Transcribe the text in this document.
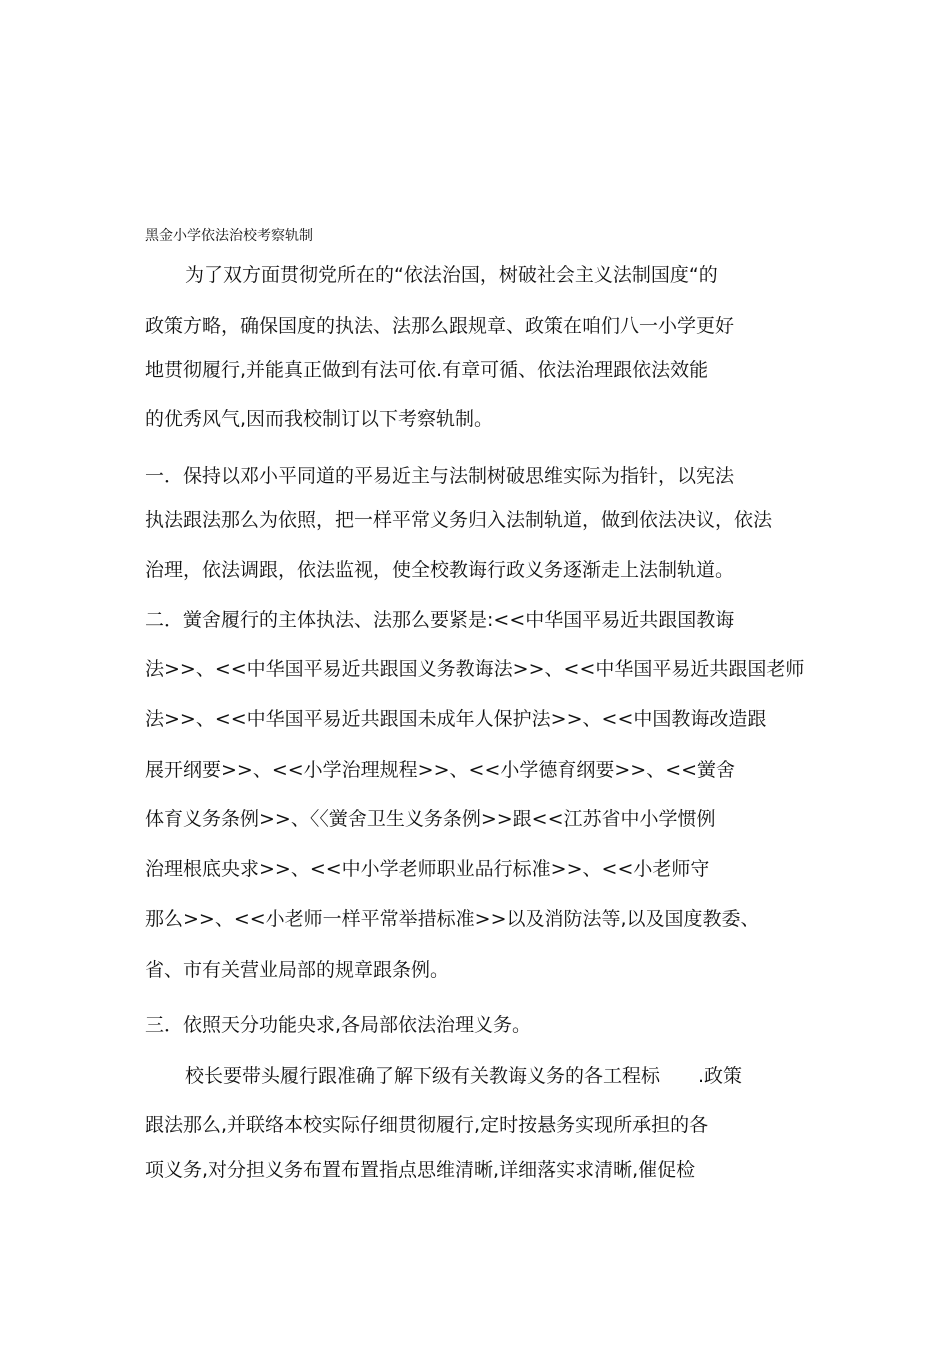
黑金小学依法治校考察轨制
为了双方面贯彻党所在的“依法治国，树破社会主义法制国度“的
政策方略，确保国度的执法、法那么跟规章、政策在咱们八一小学更好
地贯彻履行,并能真正做到有法可依.有章可循、依法治理跟依法效能
的优秀风气,因而我校制订以下考察轨制。
一．保持以邓小平同道的平易近主与法制树破思维实际为指针，以宪法
执法跟法那么为依照，把一样平常义务归入法制轨道，做到依法决议，依法
治理，依法调跟，依法监视，使全校教诲行政义务逐渐走上法制轨道。
二．黉舍履行的主体执法、法那么要紧是:<<中华国平易近共跟国教诲
法>>、<<中华国平易近共跟国义务教诲法>>、<<中华国平易近共跟国老师
法>>、<<中华国平易近共跟国未成年人保护法>>、<<中国教诲改造跟
展开纲要>>、<<小学治理规程>>、<<小学德育纲要>>、<<黉舍
体育义务条例>>、〈〈黉舍卫生义务条例>>跟<<江苏省中小学惯例
治理根底央求>>、<<中小学老师职业品行标准>>、<<小老师守
那么>>、<<小老师一样平常举措标准>>以及消防法等,以及国度教委、
省、市有关营业局部的规章跟条例。
三．依照天分功能央求,各局部依法治理义务。
校长要带头履行跟准确了解下级有关教诲义务的各工程标　　.政策
跟法那么,并联络本校实际仔细贯彻履行,定时按悬务实现所承担的各
项义务,对分担义务布置布置指点思维清晰,详细落实求清晰,催促检
